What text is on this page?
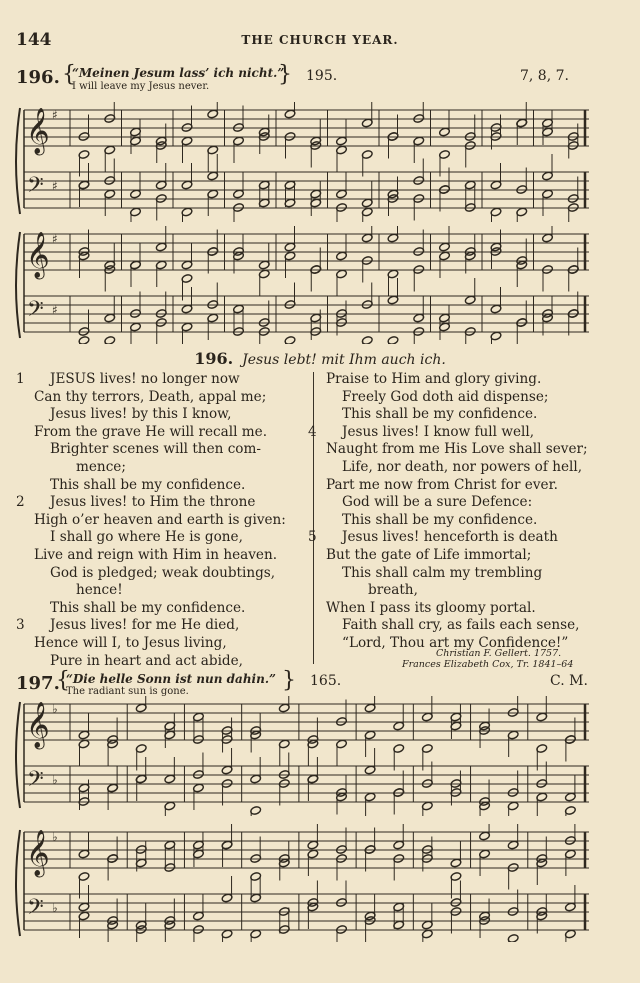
144	THE CHURCH YEAR.
196. {
“Meinen Jesum lass’ ich nicht.”
I will leave my Jesus never.	} 195.	7, 8, 7.
𝄞 ♯
𝄢 ♯
𝄞 ♯
𝄢 ♯
196. Jesus lebt! mit Ihm auch ich.
1 JESUS lives! no longer now
Can thy terrors, Death, appal me;
Jesus lives! by this I know,
From the grave He will recall me.
Brighter scenes will then com-
mence;
This shall be my confidence.
2 Jesus lives! to Him the throne
High o’er heaven and earth is given:
I shall go where He is gone,
Live and reign with Him in heaven.
God is pledged; weak doubtings,
hence!
This shall be my confidence.
3 Jesus lives! for me He died,
Hence will I, to Jesus living,
Pure in heart and act abide,
Praise to Him and glory giving.
Freely God doth aid dispense;
This shall be my confidence.
4 Jesus lives! I know full well,
Naught from me His Love shall sever;
Life, nor death, nor powers of hell,
Part me now from Christ for ever.
God will be a sure Defence:
This shall be my confidence.
5 Jesus lives! henceforth is death
But the gate of Life immortal;
This shall calm my trembling
breath,
When I pass its gloomy portal.
Faith shall cry, as fails each sense,
“Lord, Thou art my Confidence!”
Christian F. Gellert. 1757.
Frances Elizabeth Cox, Tr. 1841–64
197.
{
“Die helle Sonn ist nun dahin.”
The radiant sun is gone.	} 165.	C. M.
𝄞 ♭
𝄢 ♭
𝄞 ♭
𝄢 ♭
